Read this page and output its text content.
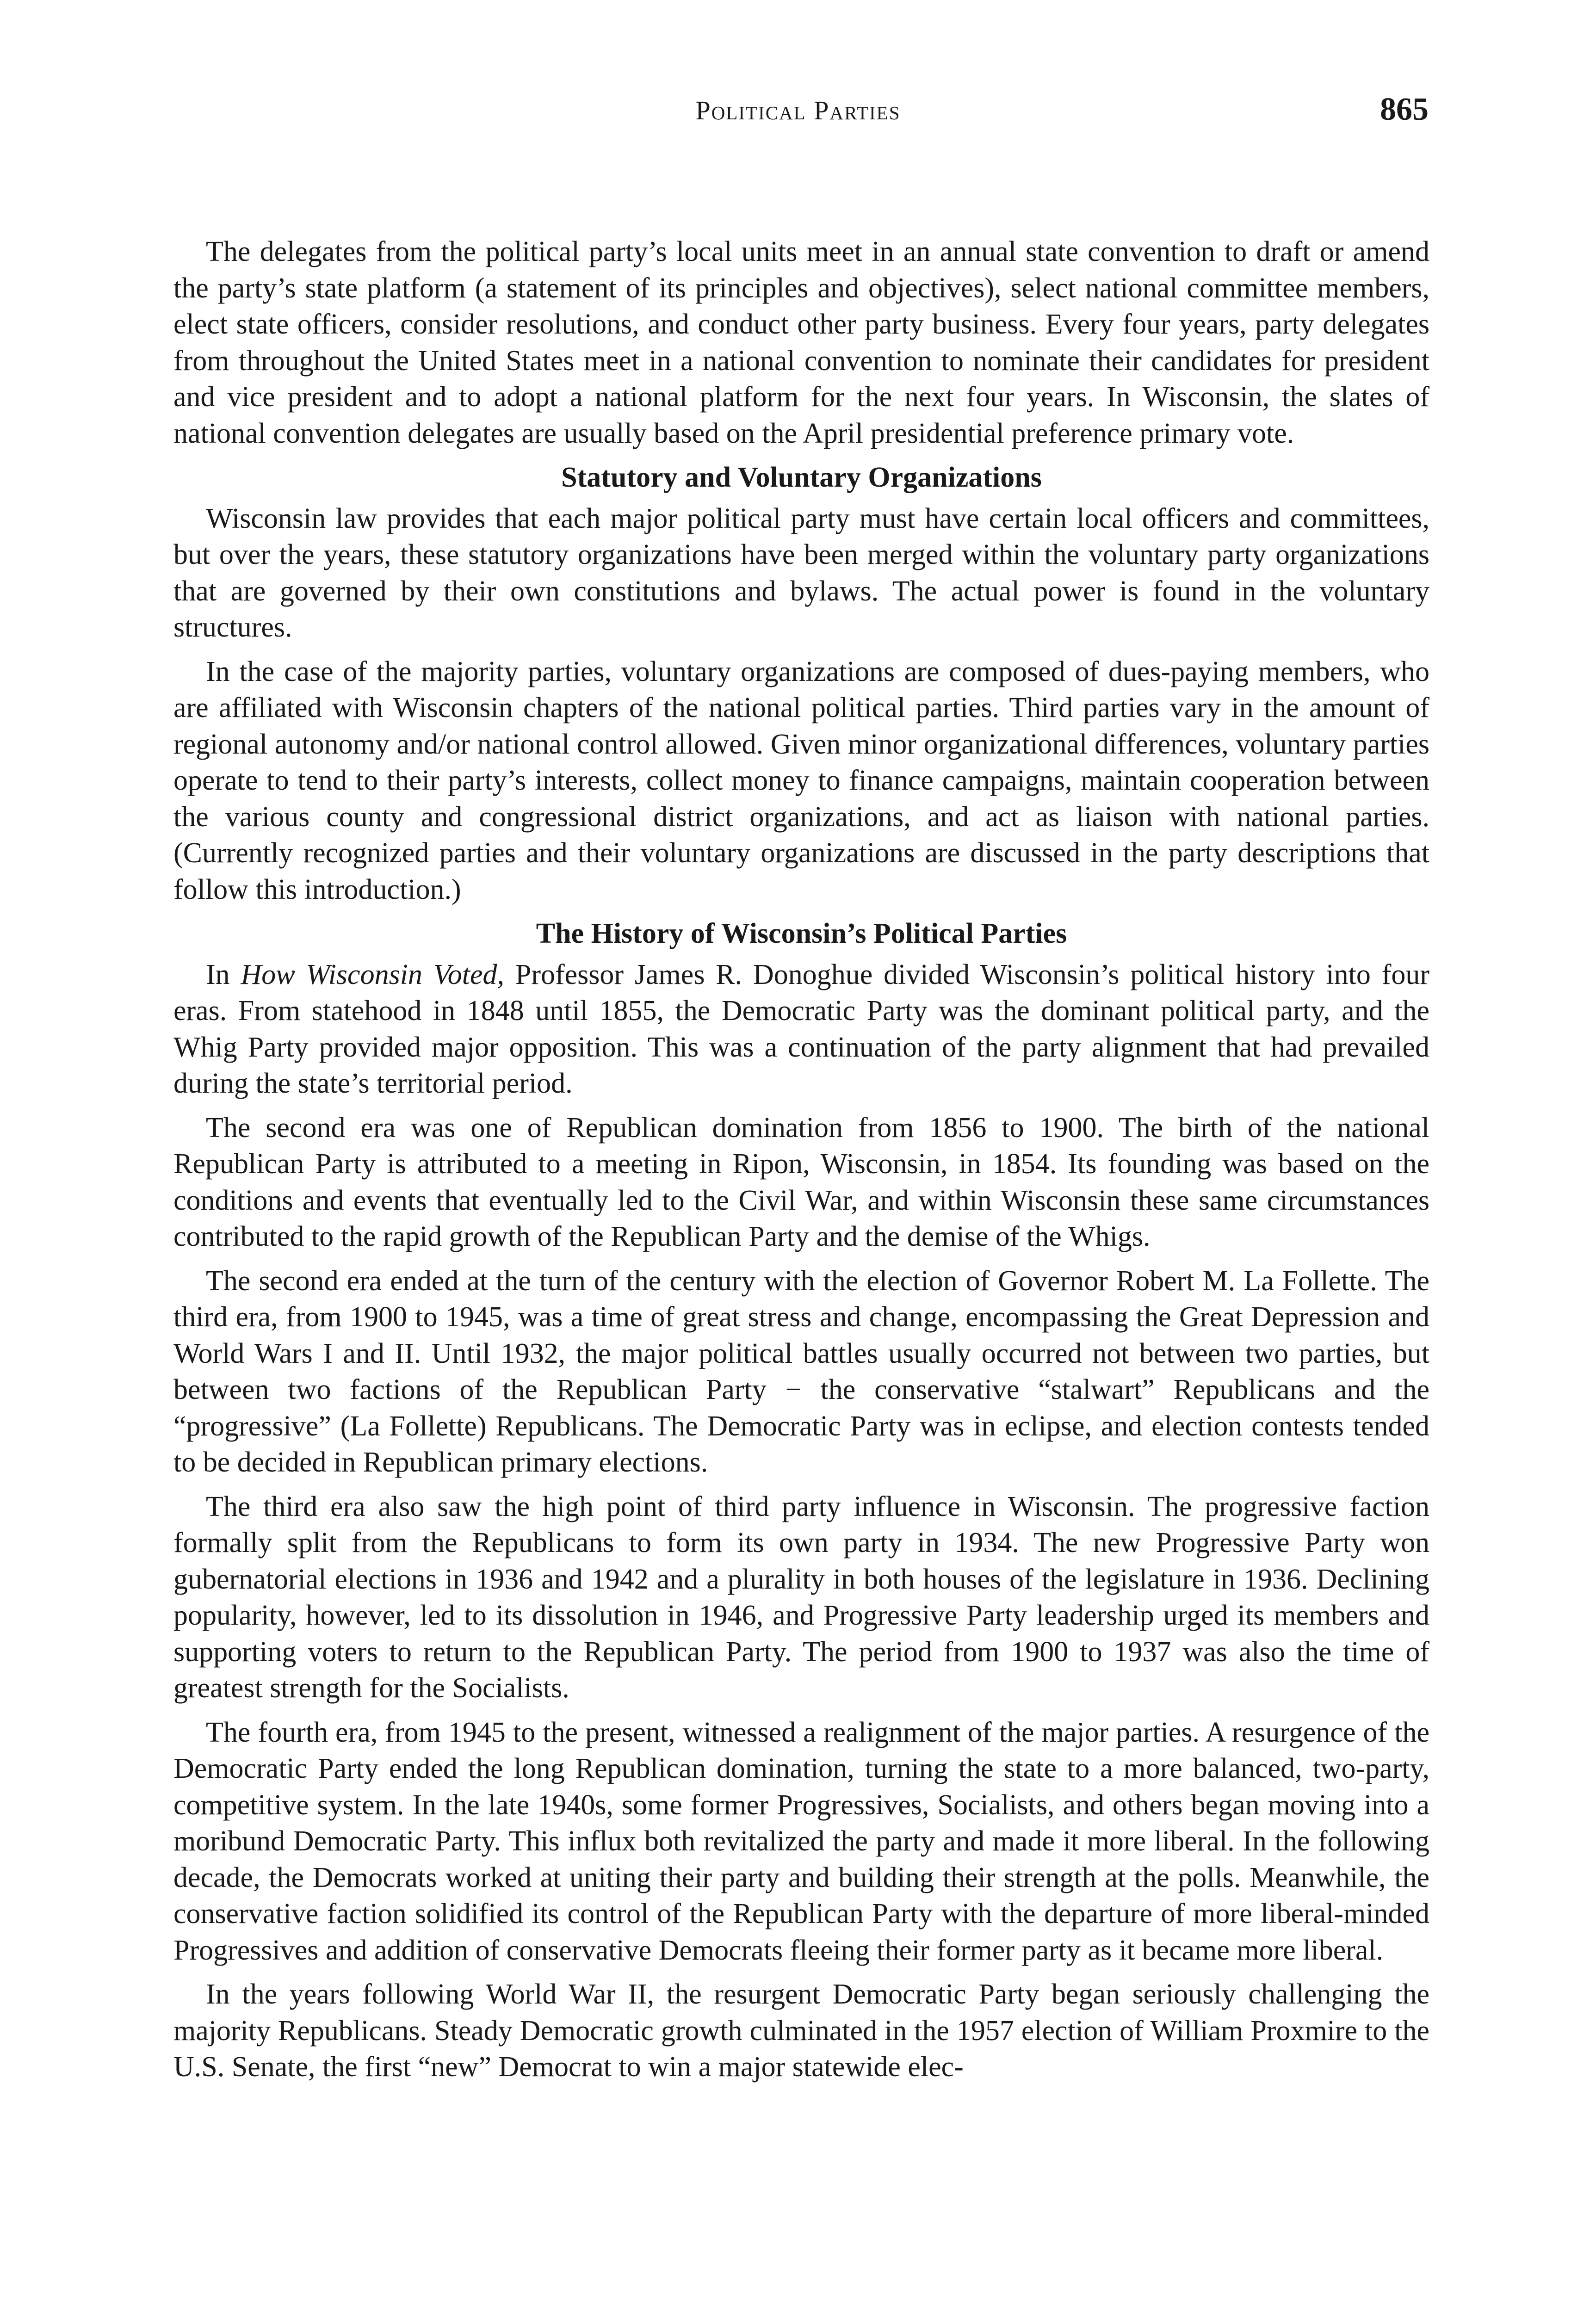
Political Parties	865

The delegates from the political party’s local units meet in an annual state convention to draft or amend the party’s state platform (a statement of its principles and objectives), select national committee members, elect state officers, consider resolutions, and conduct other party business. Every four years, party delegates from throughout the United States meet in a national convention to nominate their candidates for president and vice president and to adopt a national platform for the next four years. In Wisconsin, the slates of national convention delegates are usually based on the April presidential preference primary vote.

Statutory and Voluntary Organizations

Wisconsin law provides that each major political party must have certain local officers and committees, but over the years, these statutory organizations have been merged within the voluntary party organizations that are governed by their own constitutions and bylaws. The actual power is found in the voluntary structures.

In the case of the majority parties, voluntary organizations are composed of dues-paying members, who are affiliated with Wisconsin chapters of the national political parties. Third parties vary in the amount of regional autonomy and/or national control allowed. Given minor organizational differences, voluntary parties operate to tend to their party’s interests, collect money to finance campaigns, maintain cooperation between the various county and congressional district organizations, and act as liaison with national parties. (Currently recognized parties and their voluntary organizations are discussed in the party descriptions that follow this introduction.)

The History of Wisconsin’s Political Parties

In How Wisconsin Voted, Professor James R. Donoghue divided Wisconsin’s political history into four eras. From statehood in 1848 until 1855, the Democratic Party was the dominant political party, and the Whig Party provided major opposition. This was a continuation of the party alignment that had prevailed during the state’s territorial period.

The second era was one of Republican domination from 1856 to 1900. The birth of the national Republican Party is attributed to a meeting in Ripon, Wisconsin, in 1854. Its founding was based on the conditions and events that eventually led to the Civil War, and within Wisconsin these same circumstances contributed to the rapid growth of the Republican Party and the demise of the Whigs.

The second era ended at the turn of the century with the election of Governor Robert M. La Follette. The third era, from 1900 to 1945, was a time of great stress and change, encompassing the Great Depression and World Wars I and II. Until 1932, the major political battles usually occurred not between two parties, but between two factions of the Republican Party − the conservative “stalwart” Republicans and the “progressive” (La Follette) Republicans. The Democratic Party was in eclipse, and election contests tended to be decided in Republican primary elections.

The third era also saw the high point of third party influence in Wisconsin. The progressive faction formally split from the Republicans to form its own party in 1934. The new Progressive Party won gubernatorial elections in 1936 and 1942 and a plurality in both houses of the legislature in 1936. Declining popularity, however, led to its dissolution in 1946, and Progressive Party leadership urged its members and supporting voters to return to the Republican Party. The period from 1900 to 1937 was also the time of greatest strength for the Socialists.

The fourth era, from 1945 to the present, witnessed a realignment of the major parties. A resurgence of the Democratic Party ended the long Republican domination, turning the state to a more balanced, two-party, competitive system. In the late 1940s, some former Progressives, Socialists, and others began moving into a moribund Democratic Party. This influx both revitalized the party and made it more liberal. In the following decade, the Democrats worked at uniting their party and building their strength at the polls. Meanwhile, the conservative faction solidified its control of the Republican Party with the departure of more liberal-minded Progressives and addition of conservative Democrats fleeing their former party as it became more liberal.

In the years following World War II, the resurgent Democratic Party began seriously challenging the majority Republicans. Steady Democratic growth culminated in the 1957 election of William Proxmire to the U.S. Senate, the first “new” Democrat to win a major statewide elec-
